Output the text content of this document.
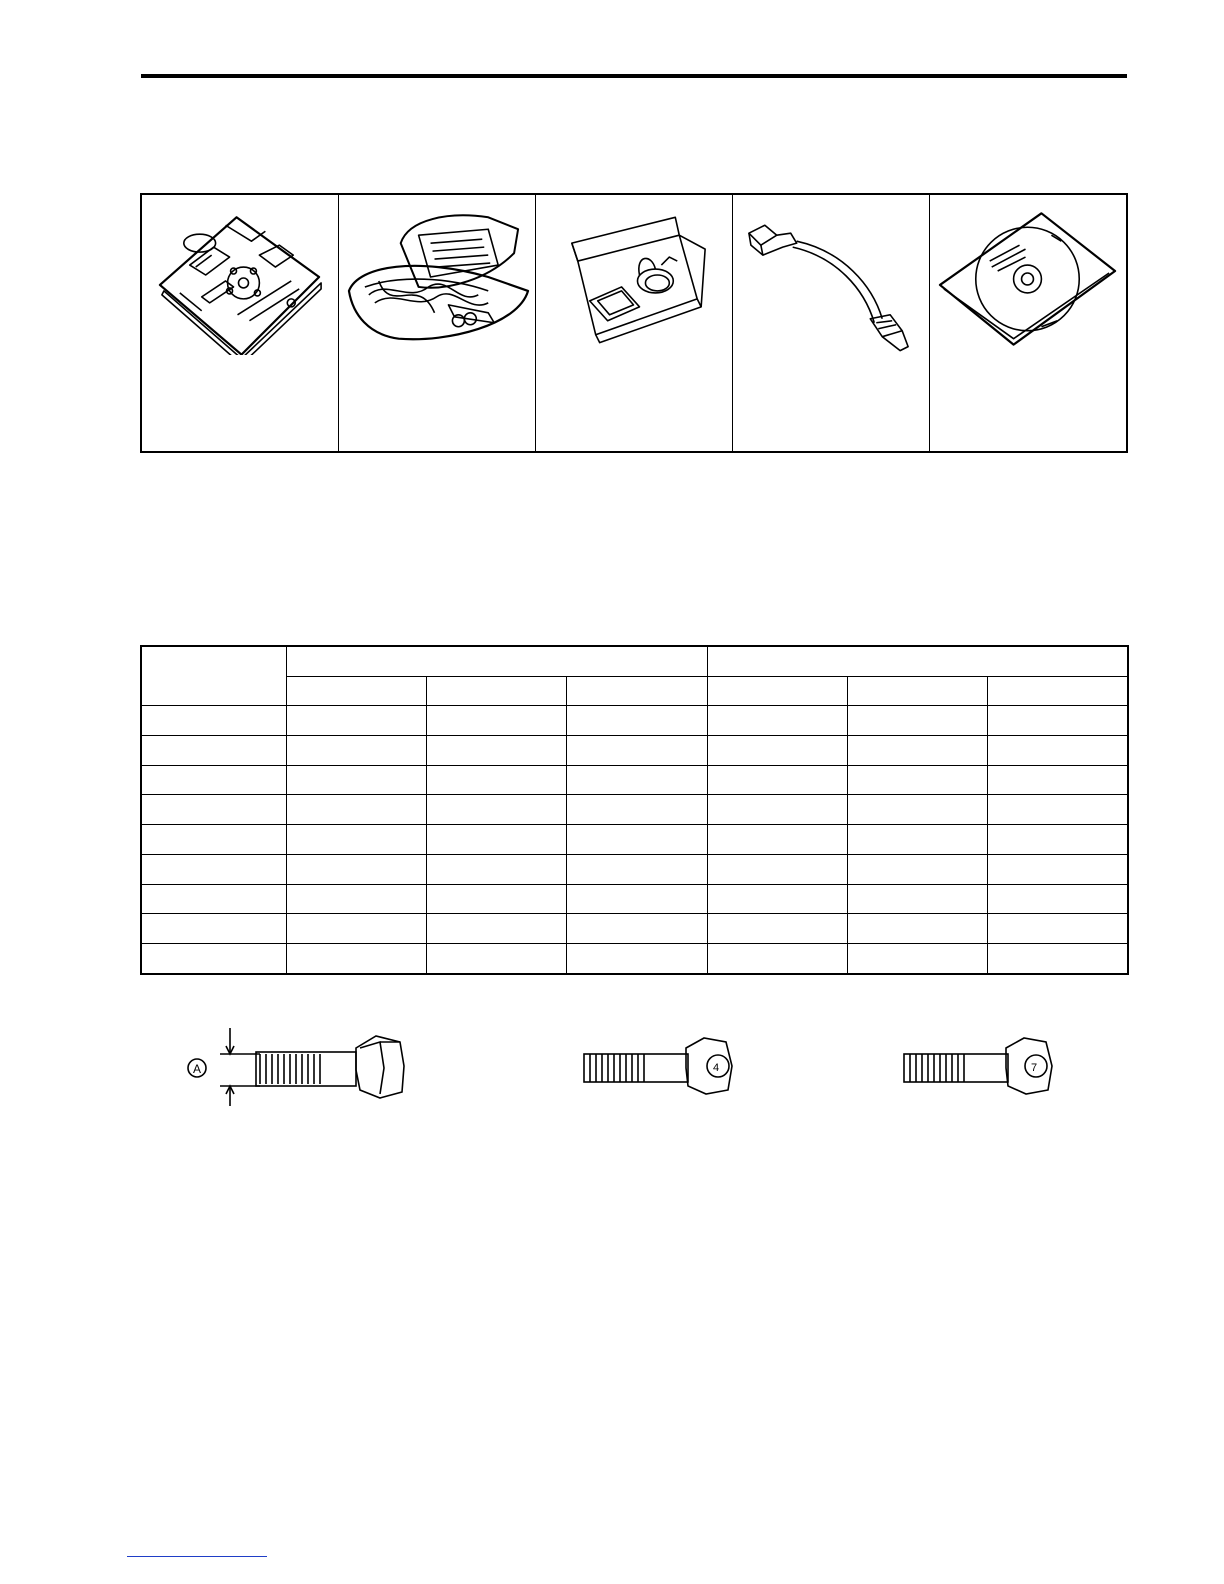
A	4	7
